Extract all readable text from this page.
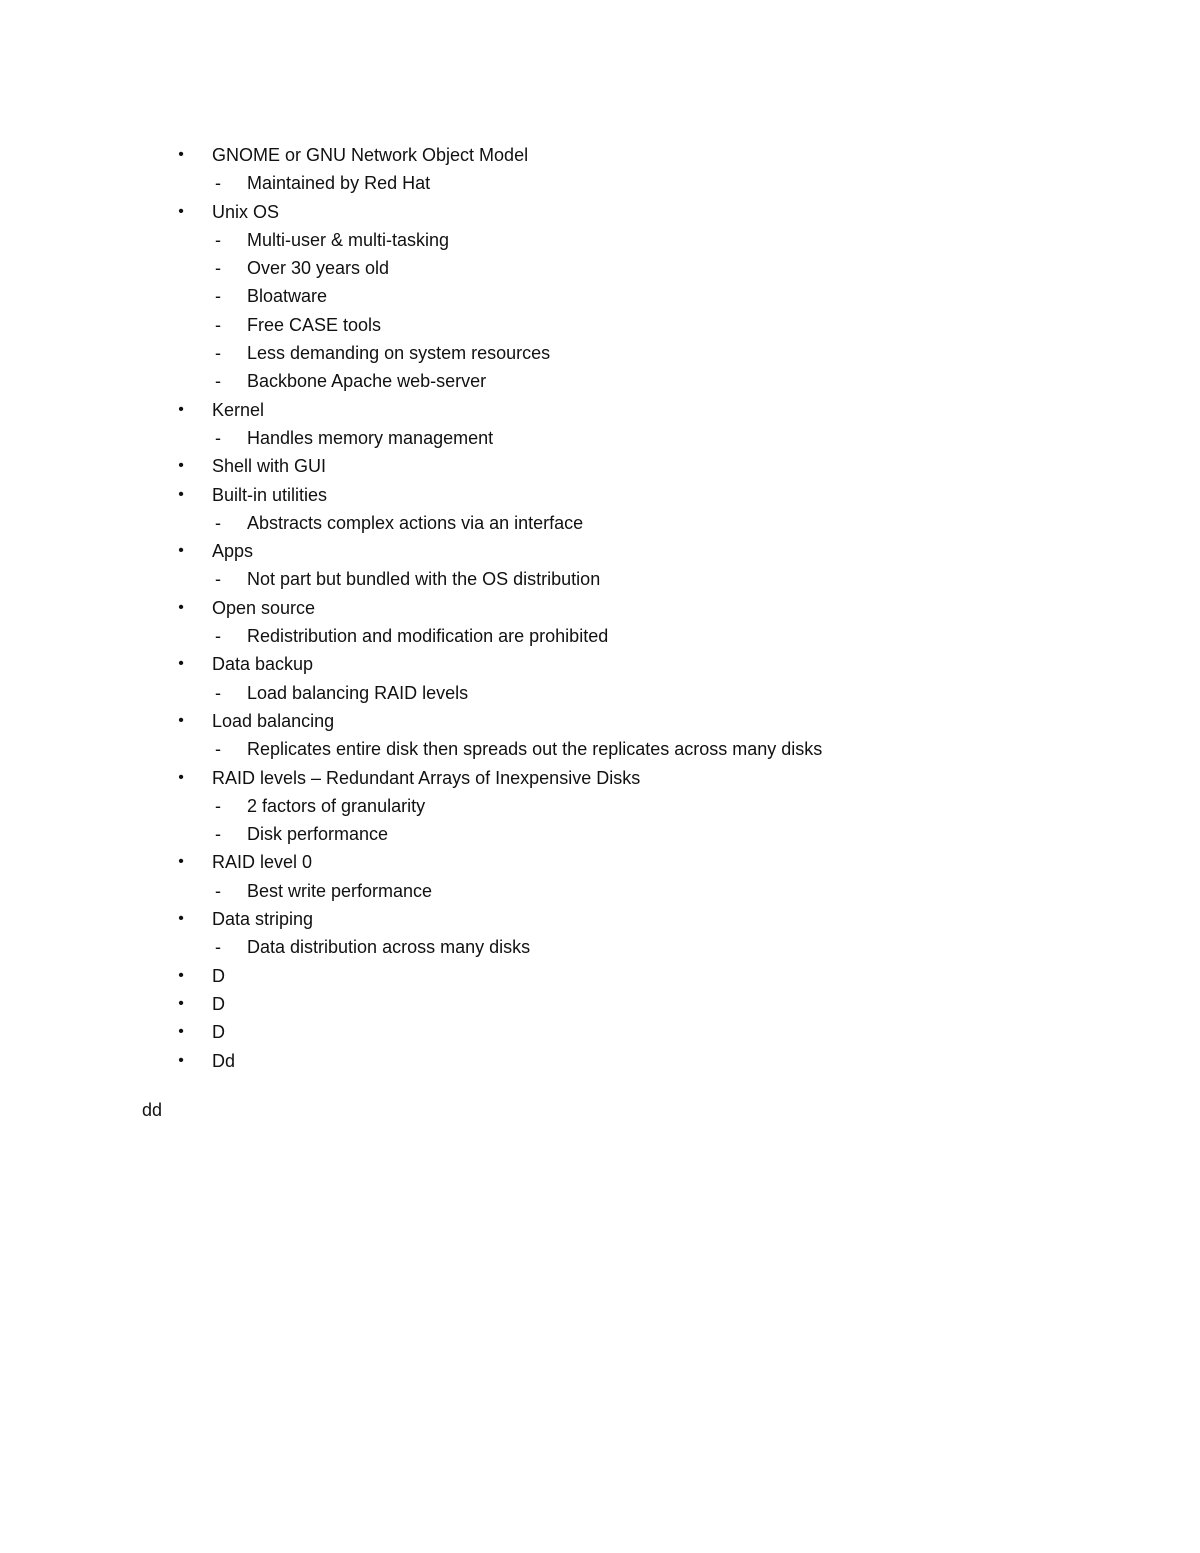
• GNOME or GNU Network Object Model
- Maintained by Red Hat
• Unix OS
- Multi-user & multi-tasking
- Over 30 years old
- Bloatware
- Free CASE tools
- Less demanding on system resources
- Backbone Apache web-server
• Kernel
- Handles memory management
• Shell with GUI
• Built-in utilities
- Abstracts complex actions via an interface
• Apps
- Not part but bundled with the OS distribution
• Open source
- Redistribution and modification are prohibited
• Data backup
- Load balancing RAID levels
• Load balancing
- Replicates entire disk then spreads out the replicates across many disks
• RAID levels – Redundant Arrays of Inexpensive Disks
- 2 factors of granularity
- Disk performance
• RAID level 0
- Best write performance
• Data striping
- Data distribution across many disks
• D
• D
• D
• Dd
dd
